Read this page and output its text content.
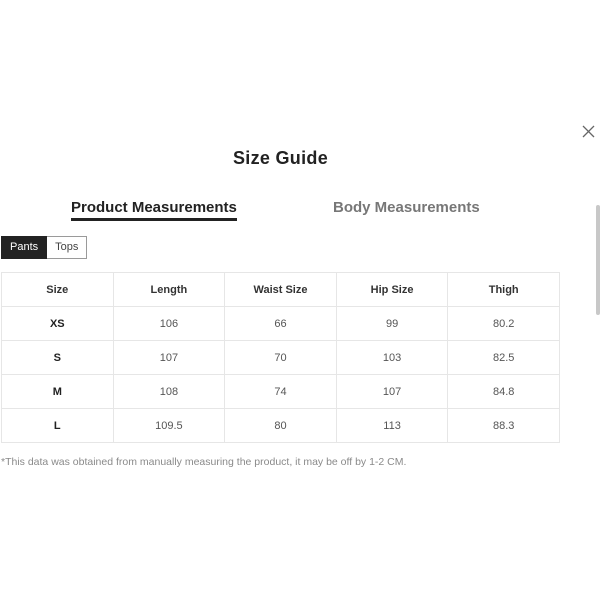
Size Guide
Product Measurements	Body Measurements
Pants	Tops
Size	Length	Waist Size	Hip Size	Thigh
XS	106	66	99	80.2
S	107	70	103	82.5
M	108	74	107	84.8
L	109.5	80	113	88.3
*This data was obtained from manually measuring the product, it may be off by 1-2 CM.
